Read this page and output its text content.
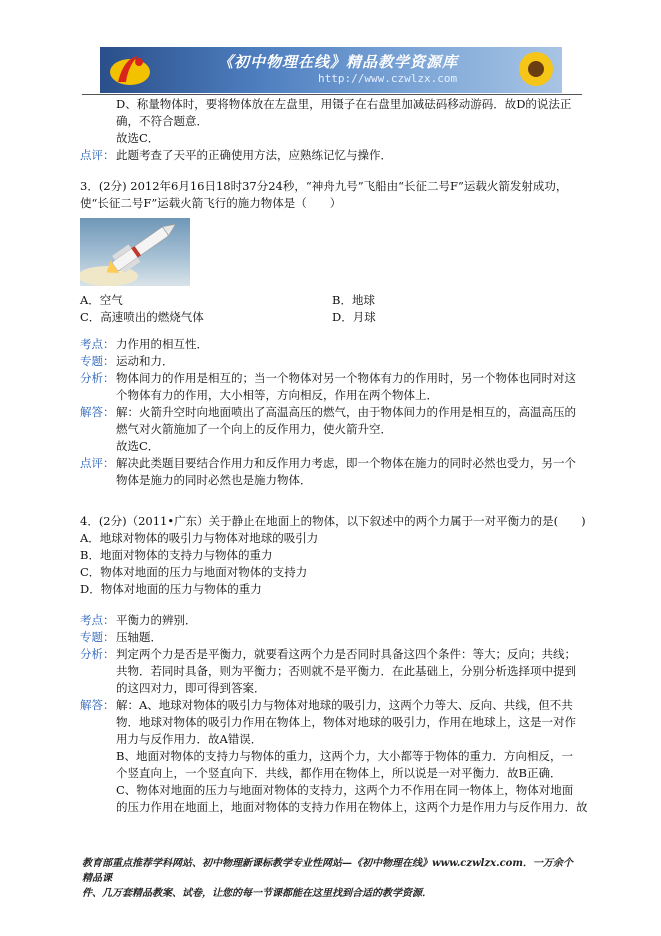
《初中物理在线》精品教学资源库
http://www.czwlzx.com
D、称量物体时，要将物体放在左盘里，用镊子在右盘里加减砝码移动游码．故D的说法正
确，不符合题意．
故选C．
点评： 此题考查了天平的正确使用方法，应熟练记忆与操作．
3．(2分) 2012年6月16日18时37分24秒，“神舟九号”飞船由“长征二号F”运载火箭发射成功，
使“长征二号F”运载火箭飞行的施力物体是（　　）
A．空气	B．地球
C．高速喷出的燃烧气体	D．月球
考点： 力作用的相互性．
专题： 运动和力．
分析： 物体间力的作用是相互的；当一个物体对另一个物体有力的作用时，另一个物体也同时对这
个物体有力的作用，大小相等，方向相反，作用在两个物体上．
解答： 解：火箭升空时向地面喷出了高温高压的燃气，由于物体间力的作用是相互的，高温高压的
燃气对火箭施加了一个向上的反作用力，使火箭升空．
故选C．
点评： 解决此类题目要结合作用力和反作用力考虑，即一个物体在施力的同时必然也受力，另一个
物体是施力的同时必然也是施力物体．
4．(2分)（2011•广东）关于静止在地面上的物体，以下叙述中的两个力属于一对平衡力的是(　　)
A．地球对物体的吸引力与物体对地球的吸引力
B．地面对物体的支持力与物体的重力
C．物体对地面的压力与地面对物体的支持力
D．物体对地面的压力与物体的重力
考点： 平衡力的辨别．
专题： 压轴题．
分析： 判定两个力是否是平衡力，就要看这两个力是否同时具备这四个条件：等大；反向；共线；
共物．若同时具备，则为平衡力；否则就不是平衡力．在此基础上，分别分析选择项中提到
的这四对力，即可得到答案．
解答： 解：A、地球对物体的吸引力与物体对地球的吸引力，这两个力等大、反向、共线，但不共
物．地球对物体的吸引力作用在物体上，物体对地球的吸引力，作用在地球上，这是一对作
用力与反作用力．故A错误．
B、地面对物体的支持力与物体的重力，这两个力，大小都等于物体的重力．方向相反，一
个竖直向上，一个竖直向下．共线，都作用在物体上，所以说是一对平衡力．故B正确．
C、物体对地面的压力与地面对物体的支持力，这两个力不作用在同一物体上，物体对地面
的压力作用在地面上，地面对物体的支持力作用在物体上，这两个力是作用力与反作用力．故
教育部重点推荐学科网站、初中物理新课标教学专业性网站—《初中物理在线》www.czwlzx.com．一万余个精品课
件、几万套精品教案、试卷，让您的每一节课都能在这里找到合适的教学资源．
